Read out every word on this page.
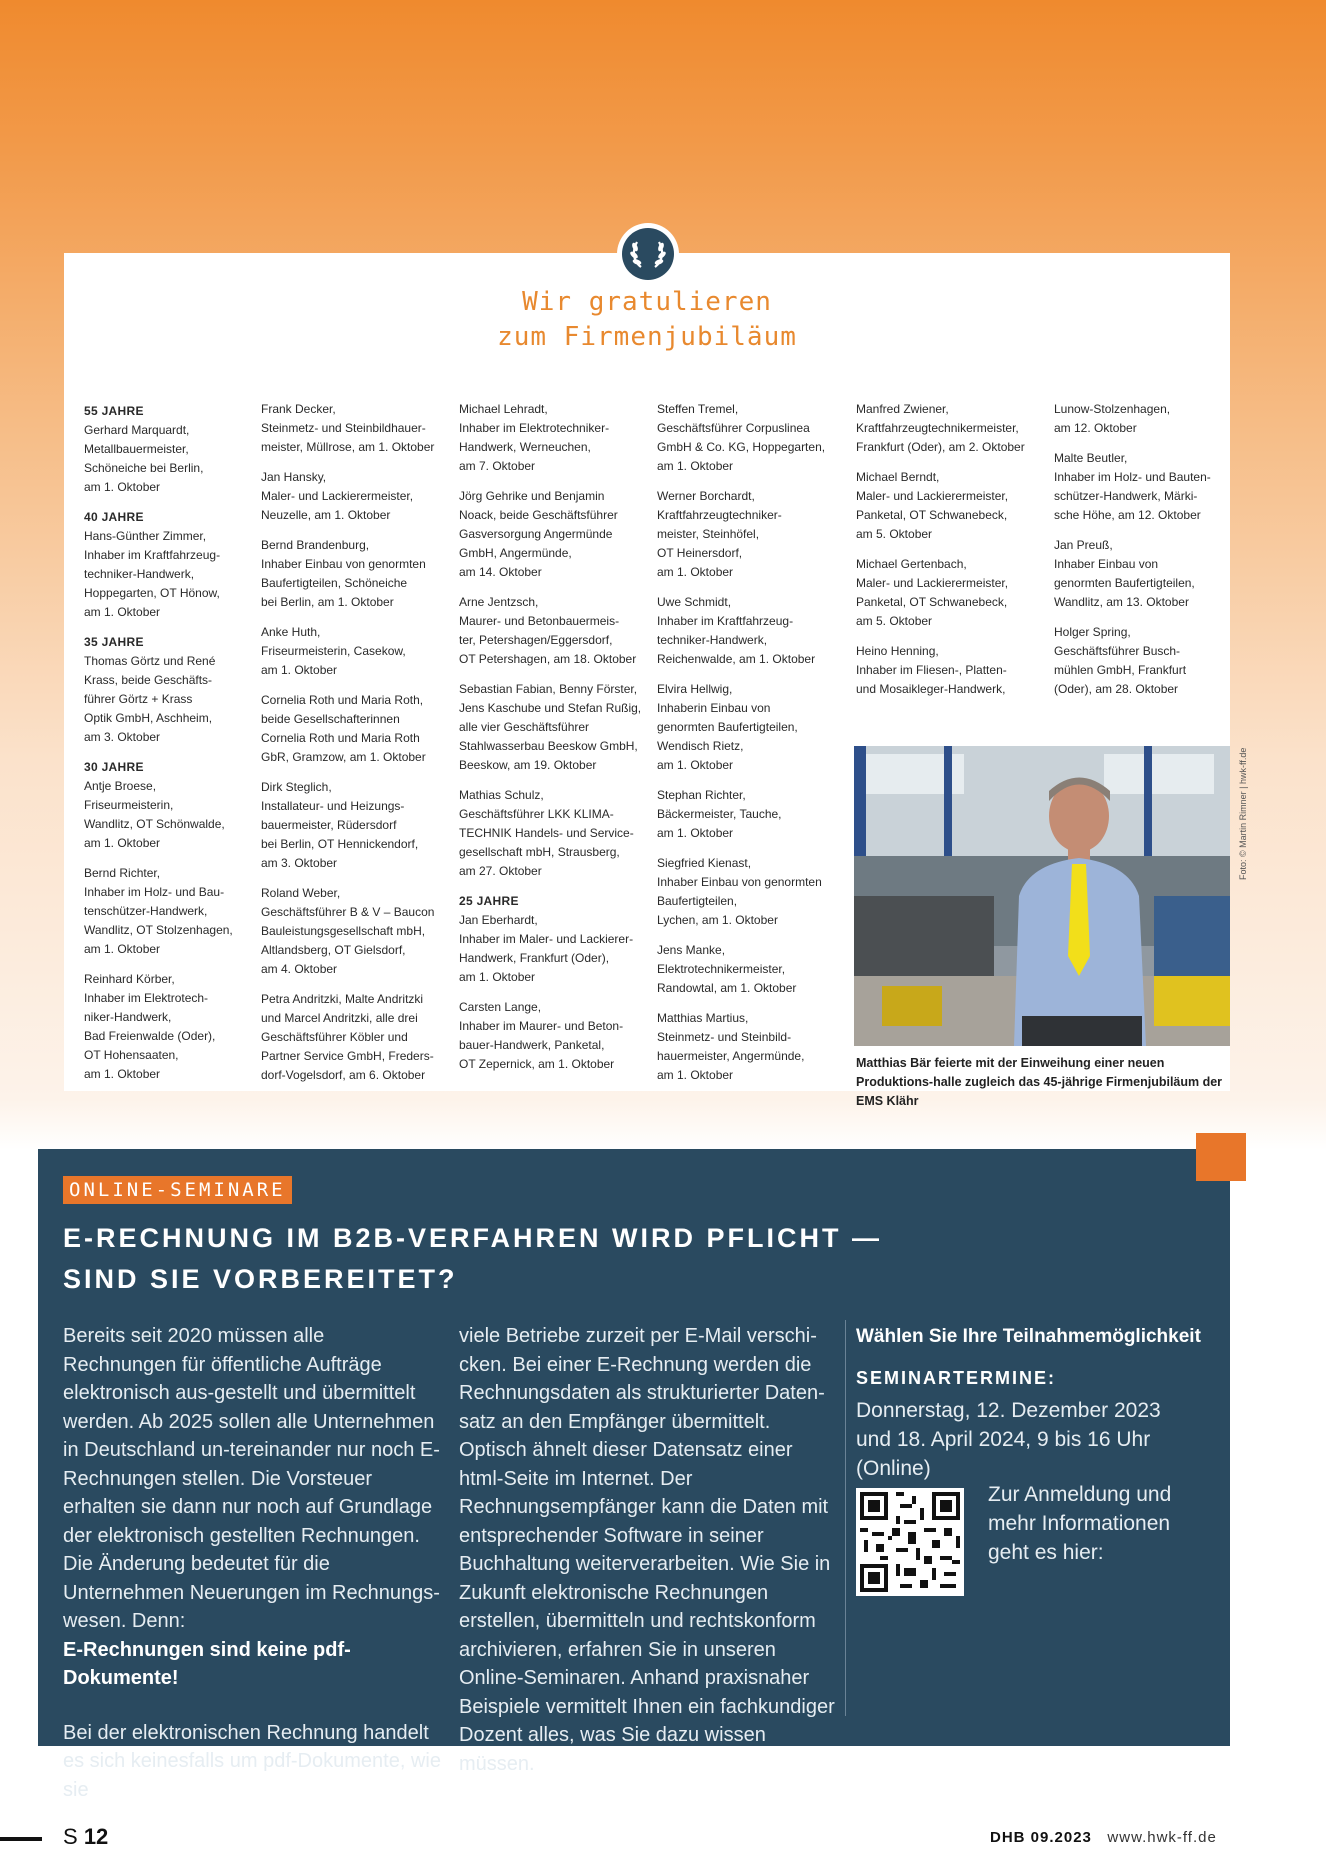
Wir gratulieren
zum Firmenjubiläum
55 JAHRE
Gerhard Marquardt,
Metallbauermeister,
Schöneiche bei Berlin,
am 1. Oktober
40 JAHRE
Hans-Günther Zimmer,
Inhaber im Kraftfahrzeug-
techniker-Handwerk,
Hoppegarten, OT Hönow,
am 1. Oktober
35 JAHRE
Thomas Görtz und René
Krass, beide Geschäfts-
führer Görtz + Krass
Optik GmbH, Aschheim,
am 3. Oktober
30 JAHRE
Antje Broese,
Friseurmeisterin,
Wandlitz, OT Schönwalde,
am 1. Oktober
Bernd Richter,
Inhaber im Holz- und Bau-
tenschützer-Handwerk,
Wandlitz, OT Stolzenhagen,
am 1. Oktober
Reinhard Körber,
Inhaber im Elektrotech-
niker-Handwerk,
Bad Freienwalde (Oder),
OT Hohensaaten,
am 1. Oktober
Frank Decker,
Steinmetz- und Steinbildhauer-
meister, Müllrose, am 1. Oktober
Jan Hansky,
Maler- und Lackierermeister,
Neuzelle, am 1. Oktober
Bernd Brandenburg,
Inhaber Einbau von genormten
Baufertigteilen, Schöneiche
bei Berlin, am 1. Oktober
Anke Huth,
Friseurmeisterin, Casekow,
am 1. Oktober
Cornelia Roth und Maria Roth,
beide Gesellschafterinnen
Cornelia Roth und Maria Roth
GbR, Gramzow, am 1. Oktober
Dirk Steglich,
Installateur- und Heizungs-
bauermeister, Rüdersdorf
bei Berlin, OT Hennickendorf,
am 3. Oktober
Roland Weber,
Geschäftsführer B & V – Baucon
Bauleistungsgesellschaft mbH,
Altlandsberg, OT Gielsdorf,
am 4. Oktober
Petra Andritzki, Malte Andritzki
und Marcel Andritzki, alle drei
Geschäftsführer Köbler und
Partner Service GmbH, Freders-
dorf-Vogelsdorf, am 6. Oktober
Michael Lehradt,
Inhaber im Elektrotechniker-
Handwerk, Werneuchen,
am 7. Oktober
Jörg Gehrike und Benjamin
Noack, beide Geschäftsführer
Gasversorgung Angermünde
GmbH, Angermünde,
am 14. Oktober
Arne Jentzsch,
Maurer- und Betonbauermeis-
ter, Petershagen/Eggersdorf,
OT Petershagen, am 18. Oktober
Sebastian Fabian, Benny Förster,
Jens Kaschube und Stefan Rußig,
alle vier Geschäftsführer
Stahlwasserbau Beeskow GmbH,
Beeskow, am 19. Oktober
Mathias Schulz,
Geschäftsführer LKK KLIMA-
TECHNIK Handels- und Service-
gesellschaft mbH, Strausberg,
am 27. Oktober
25 JAHRE
Jan Eberhardt,
Inhaber im Maler- und Lackierer-
Handwerk, Frankfurt (Oder),
am 1. Oktober
Carsten Lange,
Inhaber im Maurer- und Beton-
bauer-Handwerk, Panketal,
OT Zepernick, am 1. Oktober
Steffen Tremel,
Geschäftsführer Corpuslinea
GmbH & Co. KG, Hoppegarten,
am 1. Oktober
Werner Borchardt,
Kraftfahrzeugtechniker-
meister, Steinhöfel,
OT Heinersdorf,
am 1. Oktober
Uwe Schmidt,
Inhaber im Kraftfahrzeug-
techniker-Handwerk,
Reichenwalde, am 1. Oktober
Elvira Hellwig,
Inhaberin Einbau von
genormten Baufertigteilen,
Wendisch Rietz,
am 1. Oktober
Stephan Richter,
Bäckermeister, Tauche,
am 1. Oktober
Siegfried Kienast,
Inhaber Einbau von genormten
Baufertigteilen,
Lychen, am 1. Oktober
Jens Manke,
Elektrotechnikermeister,
Randowtal, am 1. Oktober
Matthias Martius,
Steinmetz- und Steinbild-
hauermeister, Angermünde,
am 1. Oktober
Manfred Zwiener,
Kraftfahrzeugtechnikermeister,
Frankfurt (Oder), am 2. Oktober
Michael Berndt,
Maler- und Lackierermeister,
Panketal, OT Schwanebeck,
am 5. Oktober
Michael Gertenbach,
Maler- und Lackierermeister,
Panketal, OT Schwanebeck,
am 5. Oktober
Heino Henning,
Inhaber im Fliesen-, Platten-
und Mosaikleger-Handwerk,
Lunow-Stolzenhagen,
am 12. Oktober
Malte Beutler,
Inhaber im Holz- und Bauten-
schützer-Handwerk, Märki-
sche Höhe, am 12. Oktober
Jan Preuß,
Inhaber Einbau von
genormten Baufertigteilen,
Wandlitz, am 13. Oktober
Holger Spring,
Geschäftsführer Busch-
mühlen GmbH, Frankfurt
(Oder), am 28. Oktober
Foto: © Martin Rimner | hwk-ff.de
Matthias Bär feierte mit der Einweihung einer neuen Produktions-halle zugleich das 45-jährige Firmenjubiläum der EMS Klähr
ONLINE-SEMINARE
E-RECHNUNG IM B2B-VERFAHREN WIRD PFLICHT —
SIND SIE VORBEREITET?
Bereits seit 2020 müssen alle Rechnungen für öffentliche Aufträge elektronisch aus-gestellt und übermittelt werden. Ab 2025 sollen alle Unternehmen in Deutschland un-tereinander nur noch E-Rechnungen stellen. Die Vorsteuer erhalten sie dann nur noch auf Grundlage der elektronisch gestellten Rechnungen. Die Änderung bedeutet für die Unternehmen Neuerungen im Rechnungs-wesen. Denn:
E-Rechnungen sind keine pdf-Dokumente!
Bei der elektronischen Rechnung handelt es sich keinesfalls um pdf-Dokumente, wie sie
viele Betriebe zurzeit per E-Mail verschi-cken. Bei einer E-Rechnung werden die Rechnungsdaten als strukturierter Daten-satz an den Empfänger übermittelt. Optisch ähnelt dieser Datensatz einer html-Seite im Internet. Der Rechnungsempfänger kann die Daten mit entsprechender Software in seiner Buchhaltung weiterverarbeiten. Wie Sie in Zukunft elektronische Rechnungen erstellen, übermitteln und rechtskonform archivieren, erfahren Sie in unseren Online-Seminaren. Anhand praxisnaher Beispiele vermittelt Ihnen ein fachkundiger Dozent alles, was Sie dazu wissen müssen.
Wählen Sie Ihre Teilnahmemöglichkeit
SEMINARTERMINE:
Donnerstag, 12. Dezember 2023 und 18. April 2024, 9 bis 16 Uhr (Online)
Zur Anmeldung und mehr Informationen geht es hier:
S 12	DHB 09.2023 www.hwk-ff.de
